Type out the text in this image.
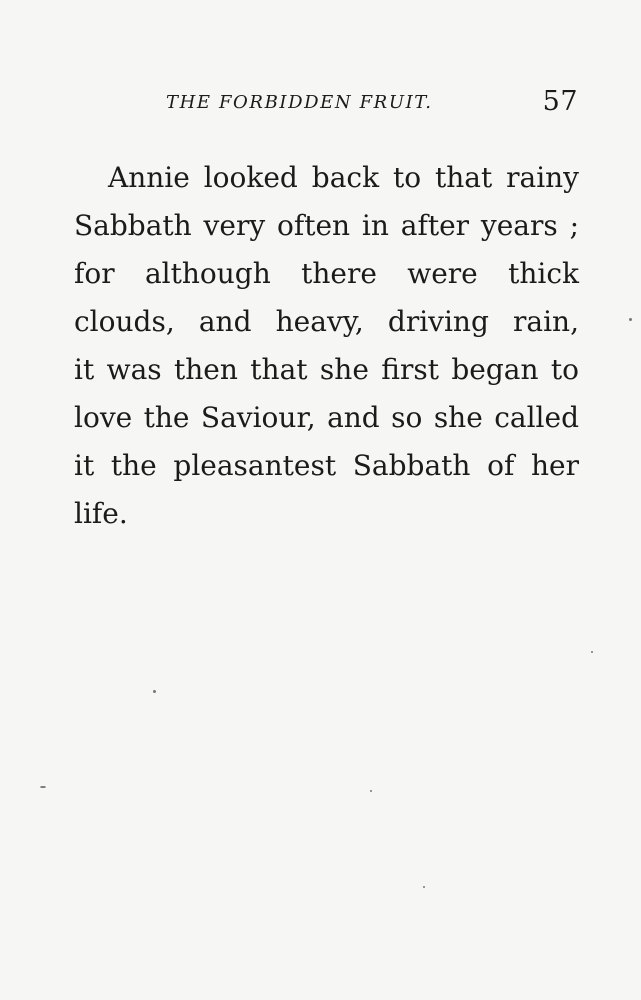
THE FORBIDDEN FRUIT.	57
Annie looked back to that rainy
Sabbath very often in after years ;
for although there were thick
clouds, and heavy, driving rain,
it was then that she first began to
love the Saviour, and so she called
it the pleasantest Sabbath of her
life.
